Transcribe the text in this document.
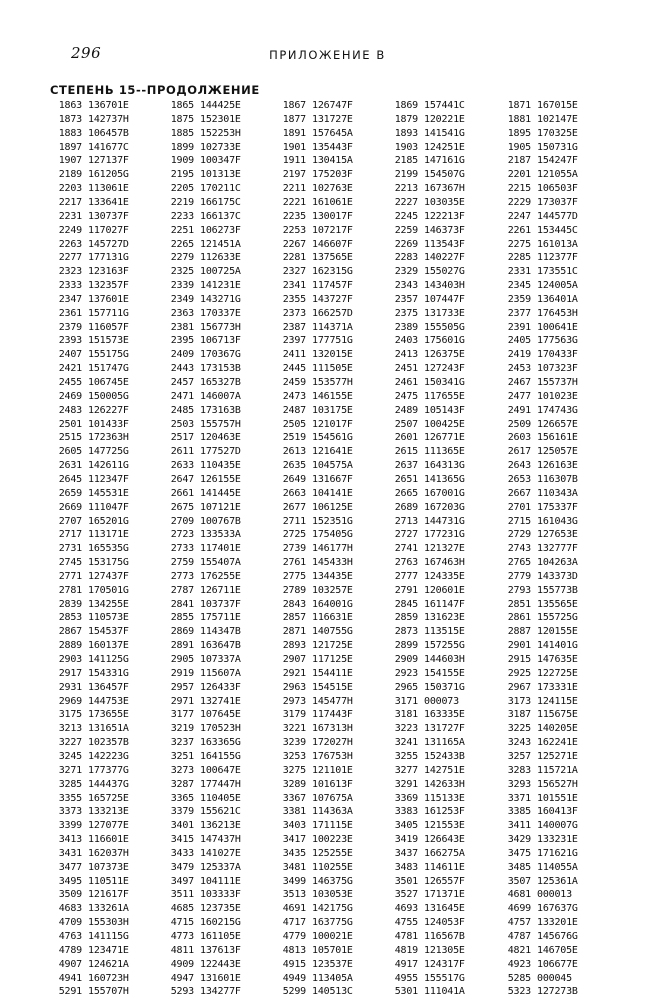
296	ПРИЛОЖЕНИЕ В
СТЕПЕНЬ 15--ПРОДОЛЖЕНИЕ
1863 136701E	1865 144425E	1867 126747F	1869 157441C	1871 167015E
1873 142737H	1875 152301E	1877 131727E	1879 120221E	1881 102147E
1883 106457B	1885 152253H	1891 157645A	1893 141541G	1895 170325E
1897 141677C	1899 102733E	1901 135443F	1903 124251E	1905 150731G
1907 127137F	1909 100347F	1911 130415A	2185 147161G	2187 154247F
2189 161205G	2195 101313E	2197 175203F	2199 154507G	2201 121055A
2203 113061E	2205 170211C	2211 102763E	2213 167367H	2215 106503F
2217 133641E	2219 166175C	2221 161061E	2227 103035E	2229 173037F
2231 130737F	2233 166137C	2235 130017F	2245 122213F	2247 144577D
2249 117027F	2251 106273F	2253 107217F	2259 146373F	2261 153445C
2263 145727D	2265 121451A	2267 146607F	2269 113543F	2275 161013A
2277 177131G	2279 112633E	2281 137565E	2283 140227F	2285 112377F
2323 123163F	2325 100725A	2327 162315G	2329 155027G	2331 173551C
2333 132357F	2339 141231E	2341 117457F	2343 143403H	2345 124005A
2347 137601E	2349 143271G	2355 143727F	2357 107447F	2359 136401A
2361 157711G	2363 170337E	2373 166257D	2375 131733E	2377 176453H
2379 116057F	2381 156773H	2387 114371A	2389 155505G	2391 100641E
2393 151573E	2395 106713F	2397 177751G	2403 175601G	2405 177563G
2407 155175G	2409 170367G	2411 132015E	2413 126375E	2419 170433F
2421 151747G	2443 173153B	2445 111505E	2451 127243F	2453 107323F
2455 106745E	2457 165327B	2459 153577H	2461 150341G	2467 155737H
2469 150005G	2471 146007A	2473 146155E	2475 117655E	2477 101023E
2483 126227F	2485 173163B	2487 103175E	2489 105143F	2491 174743G
2501 101433F	2503 155757H	2505 121017F	2507 100425E	2509 126657E
2515 172363H	2517 120463E	2519 154561G	2601 126771E	2603 156161E
2605 147725G	2611 177527D	2613 121641E	2615 111365E	2617 125057E
2631 142611G	2633 110435E	2635 104575A	2637 164313G	2643 126163E
2645 112347F	2647 126155E	2649 131667F	2651 141365G	2653 116307B
2659 145531E	2661 141445E	2663 104141E	2665 167001G	2667 110343A
2669 111047F	2675 107121E	2677 106125E	2689 167203G	2701 175337F
2707 165201G	2709 100767B	2711 152351G	2713 144731G	2715 161043G
2717 113171E	2723 133533A	2725 175405G	2727 177231G	2729 127653E
2731 165535G	2733 117401E	2739 146177H	2741 121327E	2743 132777F
2745 153175G	2759 155407A	2761 145433H	2763 167463H	2765 104263A
2771 127437F	2773 176255E	2775 134435E	2777 124335E	2779 143373D
2781 170501G	2787 126711E	2789 103257E	2791 120601E	2793 155773B
2839 134255E	2841 103737F	2843 164001G	2845 161147F	2851 135565E
2853 110573E	2855 175711E	2857 116631E	2859 131623E	2861 155725G
2867 154537F	2869 114347B	2871 140755G	2873 113515E	2887 120155E
2889 160137E	2891 163647B	2893 121725E	2899 157255G	2901 141401G
2903 141125G	2905 107337A	2907 117125E	2909 144603H	2915 147635E
2917 154331G	2919 115607A	2921 154411E	2923 154155E	2925 122725E
2931 136457F	2957 126433F	2963 154515E	2965 150371G	2967 173331E
2969 144753E	2971 132741E	2973 145477H	3171 000073	3173 124115E
3175 173655E	3177 107645E	3179 117443F	3181 163335E	3187 115675E
3213 131651A	3219 170523H	3221 167313H	3223 131727F	3225 140205E
3227 102357B	3237 163365G	3239 172027H	3241 131165A	3243 162241E
3245 142223G	3251 164155G	3253 176753H	3255 152433B	3257 125271E
3271 177377G	3273 100647E	3275 121101E	3277 142751E	3283 115721A
3285 144437G	3287 177447H	3289 101613F	3291 142633H	3293 156527H
3355 165725E	3365 110405E	3367 107675A	3369 115133E	3371 101551E
3373 133213E	3379 155621C	3381 114363A	3383 161253F	3385 160413F
3399 127077E	3401 136213E	3403 171115E	3405 121553E	3411 140007G
3413 116601E	3415 147437H	3417 100223E	3419 126643E	3429 133231E
3431 162037H	3433 141027E	3435 125255E	3437 166275A	3475 171621G
3477 107373E	3479 125337A	3481 110255E	3483 114611E	3485 114055A
3495 110511E	3497 104111E	3499 146375G	3501 126557F	3507 125361A
3509 121617F	3511 103333F	3513 103053E	3527 171371E	4681 000013
4683 133261A	4685 123735E	4691 142175G	4693 131645E	4699 167637G
4709 155303H	4715 160215G	4717 163775G	4755 124053F	4757 133201E
4763 141115G	4773 161105E	4779 100021E	4781 116567B	4787 145676G
4789 123471E	4811 137613F	4813 105701E	4819 121305E	4821 146705E
4907 124621A	4909 122443E	4915 123537E	4917 124317F	4923 106677E
4941 160723H	4947 131601E	4949 113405A	4955 155517G	5285 000045
5291 155707H	5293 134277F	5299 140513C	5301 111041A	5323 127273B
